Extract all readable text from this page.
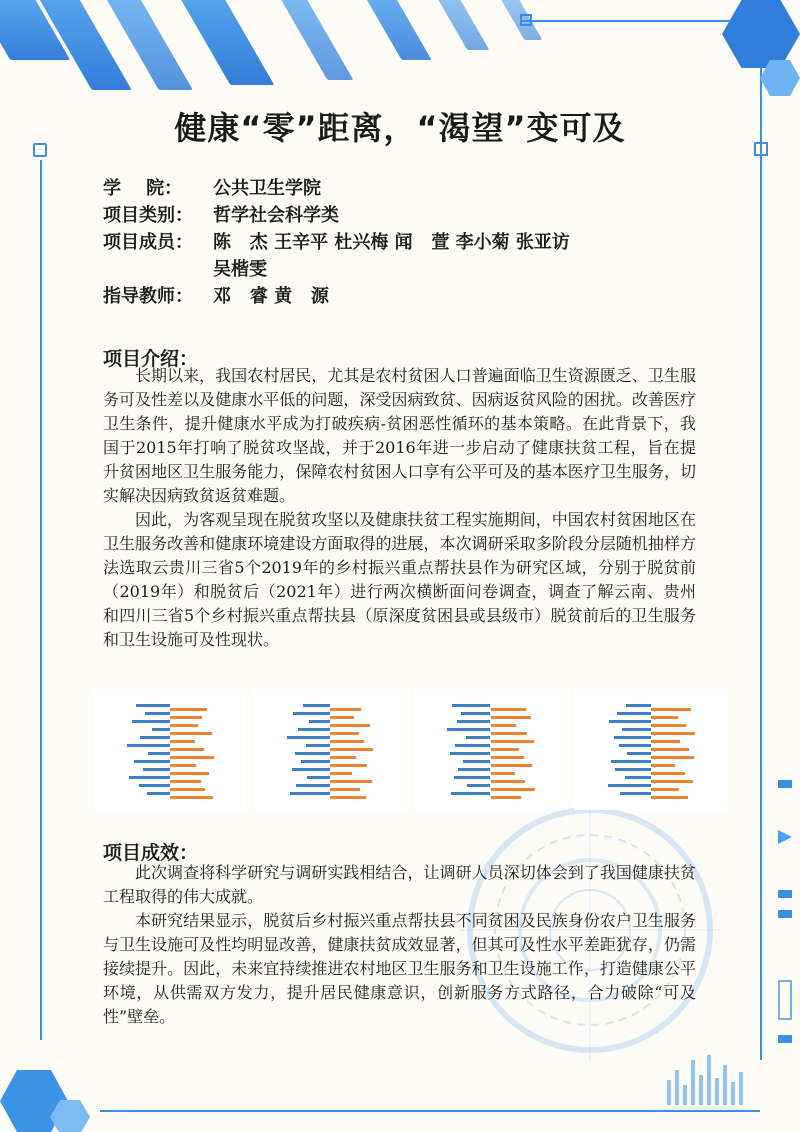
健康“零”距离，“渴望”变可及
学    院：	公共卫生学院
项目类别：	哲学社会科学类
项目成员：	陈   杰 王辛平 杜兴梅 闻   萱 李小菊 张亚访
吴楷雯
指导教师：	邓   睿 黄   源
项目介绍：

长期以来，我国农村居民，尤其是农村贫困人口普遍面临卫生资源匮乏、卫生服务可及性差以及健康水平低的问题，深受因病致贫、因病返贫风险的困扰。改善医疗卫生条件，提升健康水平成为打破疾病-贫困恶性循环的基本策略。在此背景下，我国于2015年打响了脱贫攻坚战，并于2016年进一步启动了健康扶贫工程，旨在提升贫困地区卫生服务能力，保障农村贫困人口享有公平可及的基本医疗卫生服务，切实解决因病致贫返贫难题。

因此，为客观呈现在脱贫攻坚以及健康扶贫工程实施期间，中国农村贫困地区在卫生服务改善和健康环境建设方面取得的进展，本次调研采取多阶段分层随机抽样方法选取云贵川三省5个2019年的乡村振兴重点帮扶县作为研究区域，分别于脱贫前（2019年）和脱贫后（2021年）进行两次横断面问卷调查，调查了解云南、贵州和四川三省5个乡村振兴重点帮扶县（原深度贫困县或县级市）脱贫前后的卫生服务和卫生设施可及性现状。

项目成效：

此次调查将科学研究与调研实践相结合，让调研人员深切体会到了我国健康扶贫工程取得的伟大成就。

本研究结果显示，脱贫后乡村振兴重点帮扶县不同贫困及民族身份农户卫生服务与卫生设施可及性均明显改善，健康扶贫成效显著，但其可及性水平差距犹存，仍需接续提升。因此，未来宜持续推进农村地区卫生服务和卫生设施工作，打造健康公平环境，从供需双方发力，提升居民健康意识，创新服务方式路径，合力破除“可及性”壁垒。
